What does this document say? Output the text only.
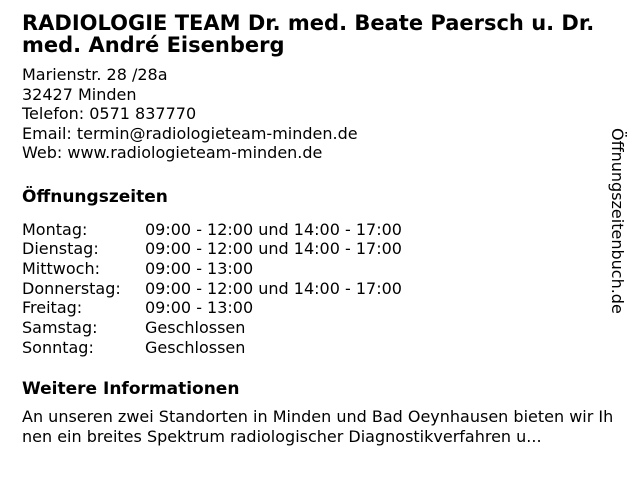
RADIOLOGIE TEAM Dr. med. Beate Paersch u. Dr. med. André Eisenberg
Marienstr. 28 /28a
32427 Minden
Telefon: 0571 837770
Email: termin@radiologieteam-minden.de
Web: www.radiologieteam-minden.de
Öffnungszeiten
Montag:	09:00 - 12:00 und 14:00 - 17:00
Dienstag:	09:00 - 12:00 und 14:00 - 17:00
Mittwoch:	09:00 - 13:00
Donnerstag: 09:00 - 12:00 und 14:00 - 17:00
Freitag:	09:00 - 13:00
Samstag:	Geschlossen
Sonntag:	Geschlossen
Weitere Informationen

An unseren zwei Standorten in Minden und Bad Oeynhausen bieten wir Ihnen ein breites Spektrum radiologischer Diagnostikverfahren u...

Öffnungszeitenbuch.de
